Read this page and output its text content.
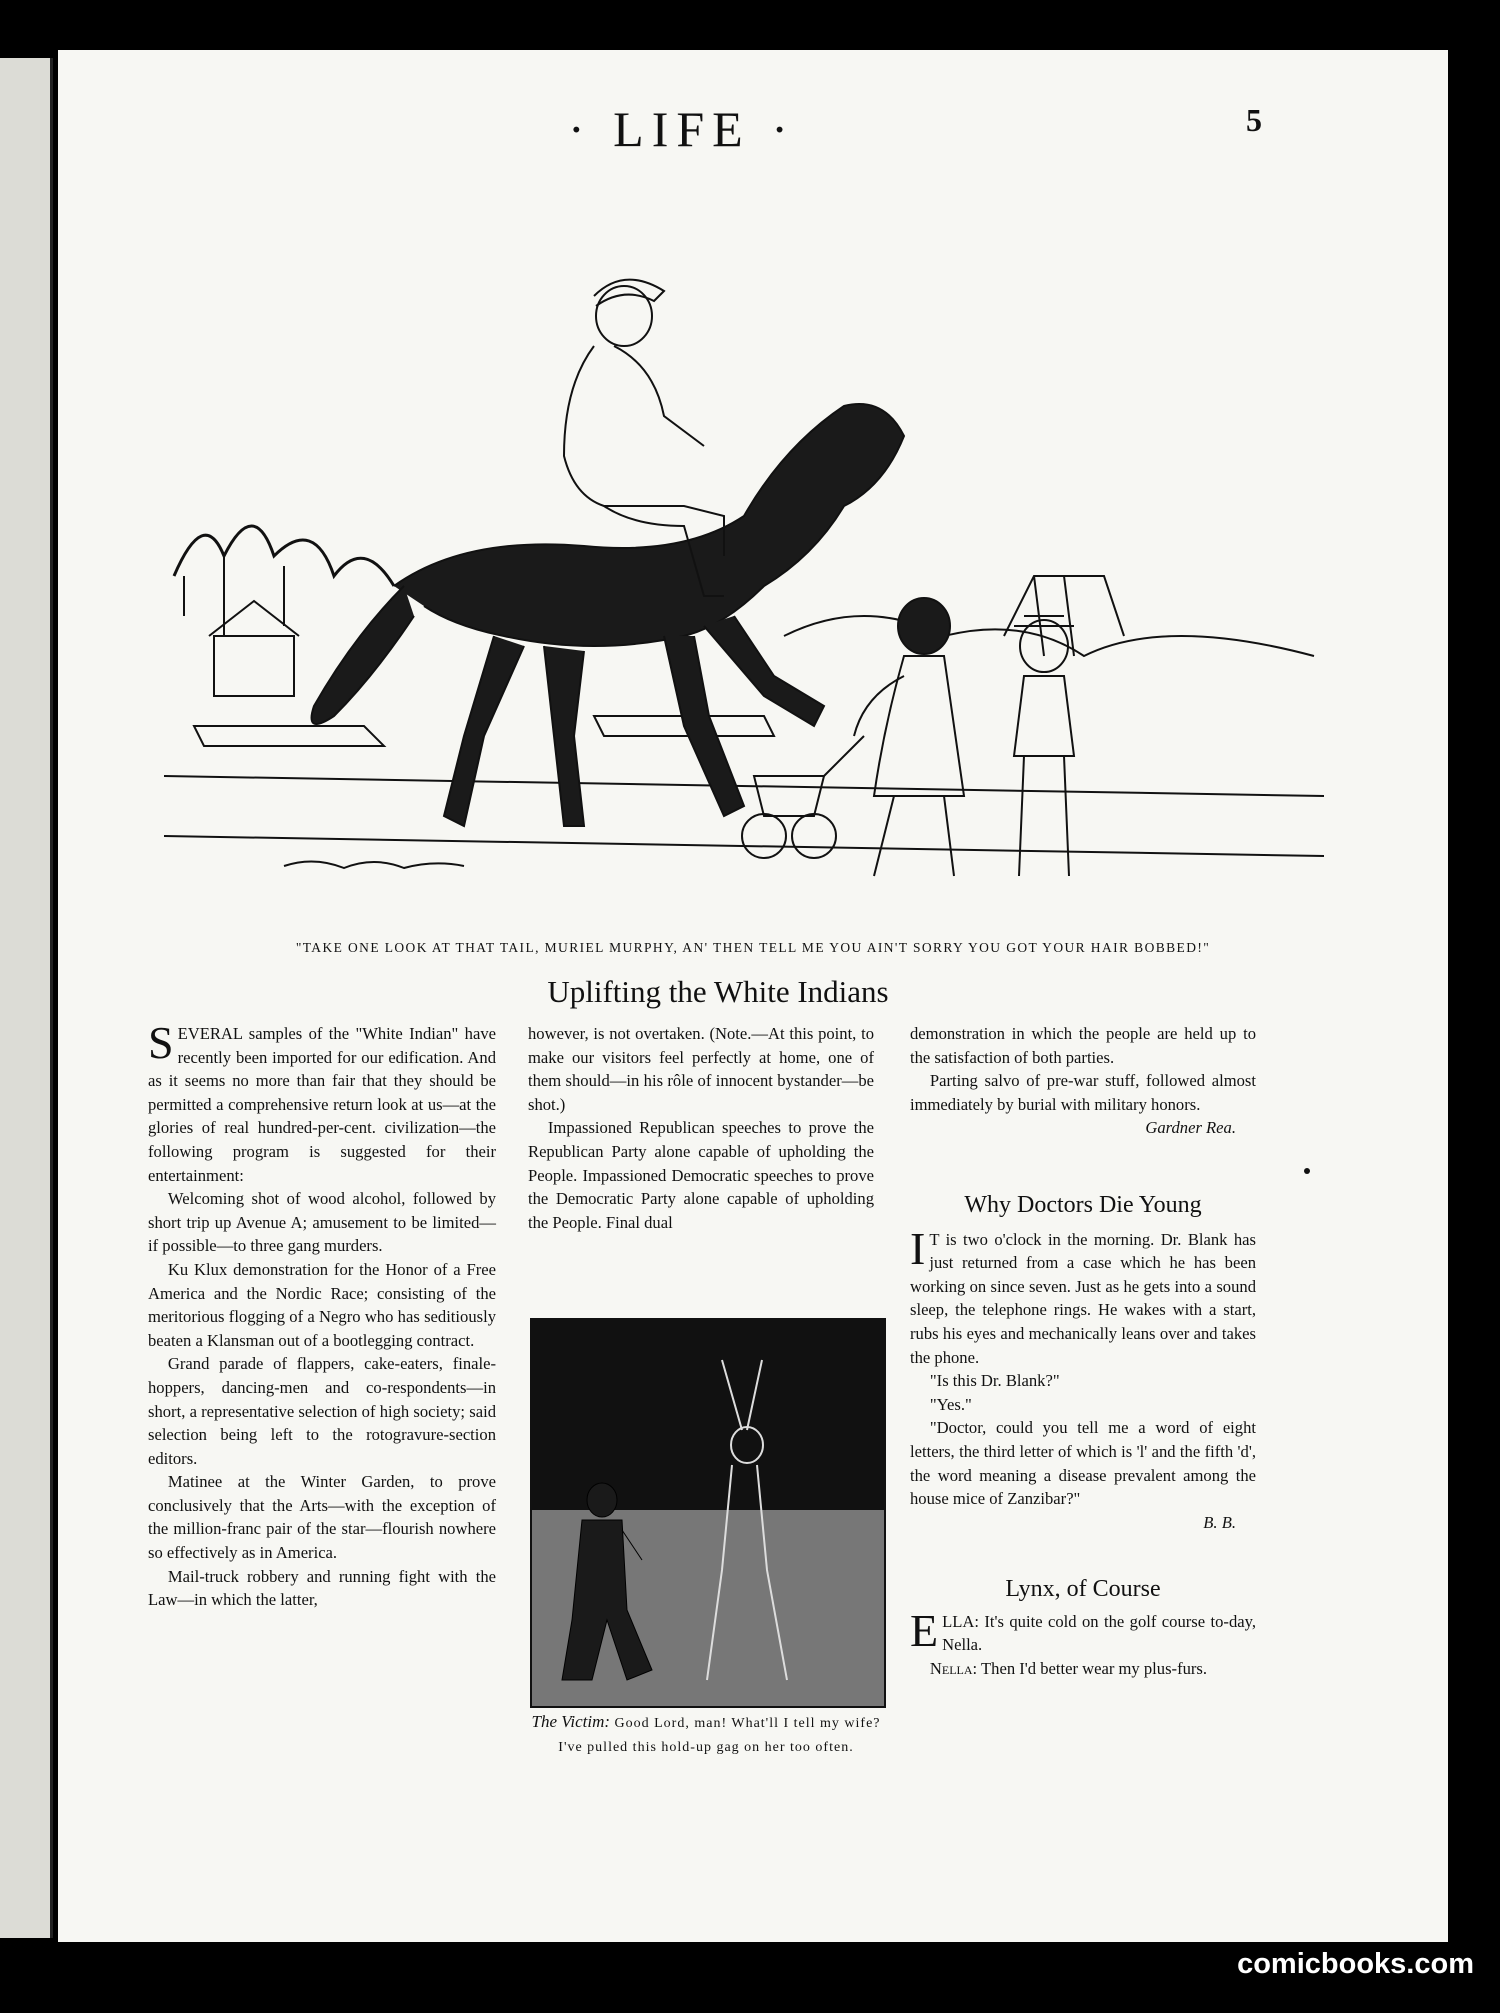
· LIFE ·	5
"TAKE ONE LOOK AT THAT TAIL, MURIEL MURPHY, AN' THEN TELL ME YOU AIN'T SORRY YOU GOT YOUR HAIR BOBBED!"
Uplifting the White Indians

SEVERAL samples of the "White Indian" have recently been imported for our edification. And as it seems no more than fair that they should be permitted a comprehensive return look at us—at the glories of real hundred-per-cent. civilization—the following program is suggested for their entertainment:

Welcoming shot of wood alcohol, followed by short trip up Avenue A; amusement to be limited—if possible—to three gang murders.

Ku Klux demonstration for the Honor of a Free America and the Nordic Race; consisting of the meritorious flogging of a Negro who has seditiously beaten a Klansman out of a bootlegging contract.

Grand parade of flappers, cake-eaters, finale-hoppers, dancing-men and co-respondents—in short, a representative selection of high society; said selection being left to the rotogravure-section editors.

Matinee at the Winter Garden, to prove conclusively that the Arts—with the exception of the million-franc pair of the star—flourish nowhere so effectively as in America.

Mail-truck robbery and running fight with the Law—in which the latter,

however, is not overtaken. (Note.—At this point, to make our visitors feel perfectly at home, one of them should—in his rôle of innocent bystander—be shot.)

Impassioned Republican speeches to prove the Republican Party alone capable of upholding the People. Impassioned Democratic speeches to prove the Democratic Party alone capable of upholding the People. Final dual

The Victim: Good Lord, man! What'll I tell my wife? I've pulled this hold-up gag on her too often.

demonstration in which the people are held up to the satisfaction of both parties.

Parting salvo of pre-war stuff, followed almost immediately by burial with military honors.

Gardner Rea.

Why Doctors Die Young

I T is two o'clock in the morning. Dr. Blank has just returned from a case which he has been working on since seven. Just as he gets into a sound sleep, the telephone rings. He wakes with a start, rubs his eyes and mechanically leans over and takes the phone.

"Is this Dr. Blank?"

"Yes."

"Doctor, could you tell me a word of eight letters, the third letter of which is 'l' and the fifth 'd', the word meaning a disease prevalent among the house mice of Zanzibar?"

B. B.

Lynx, of Course

ELLA: It's quite cold on the golf course to-day, Nella.

Nella: Then I'd better wear my plus-furs.

comicbooks.com
